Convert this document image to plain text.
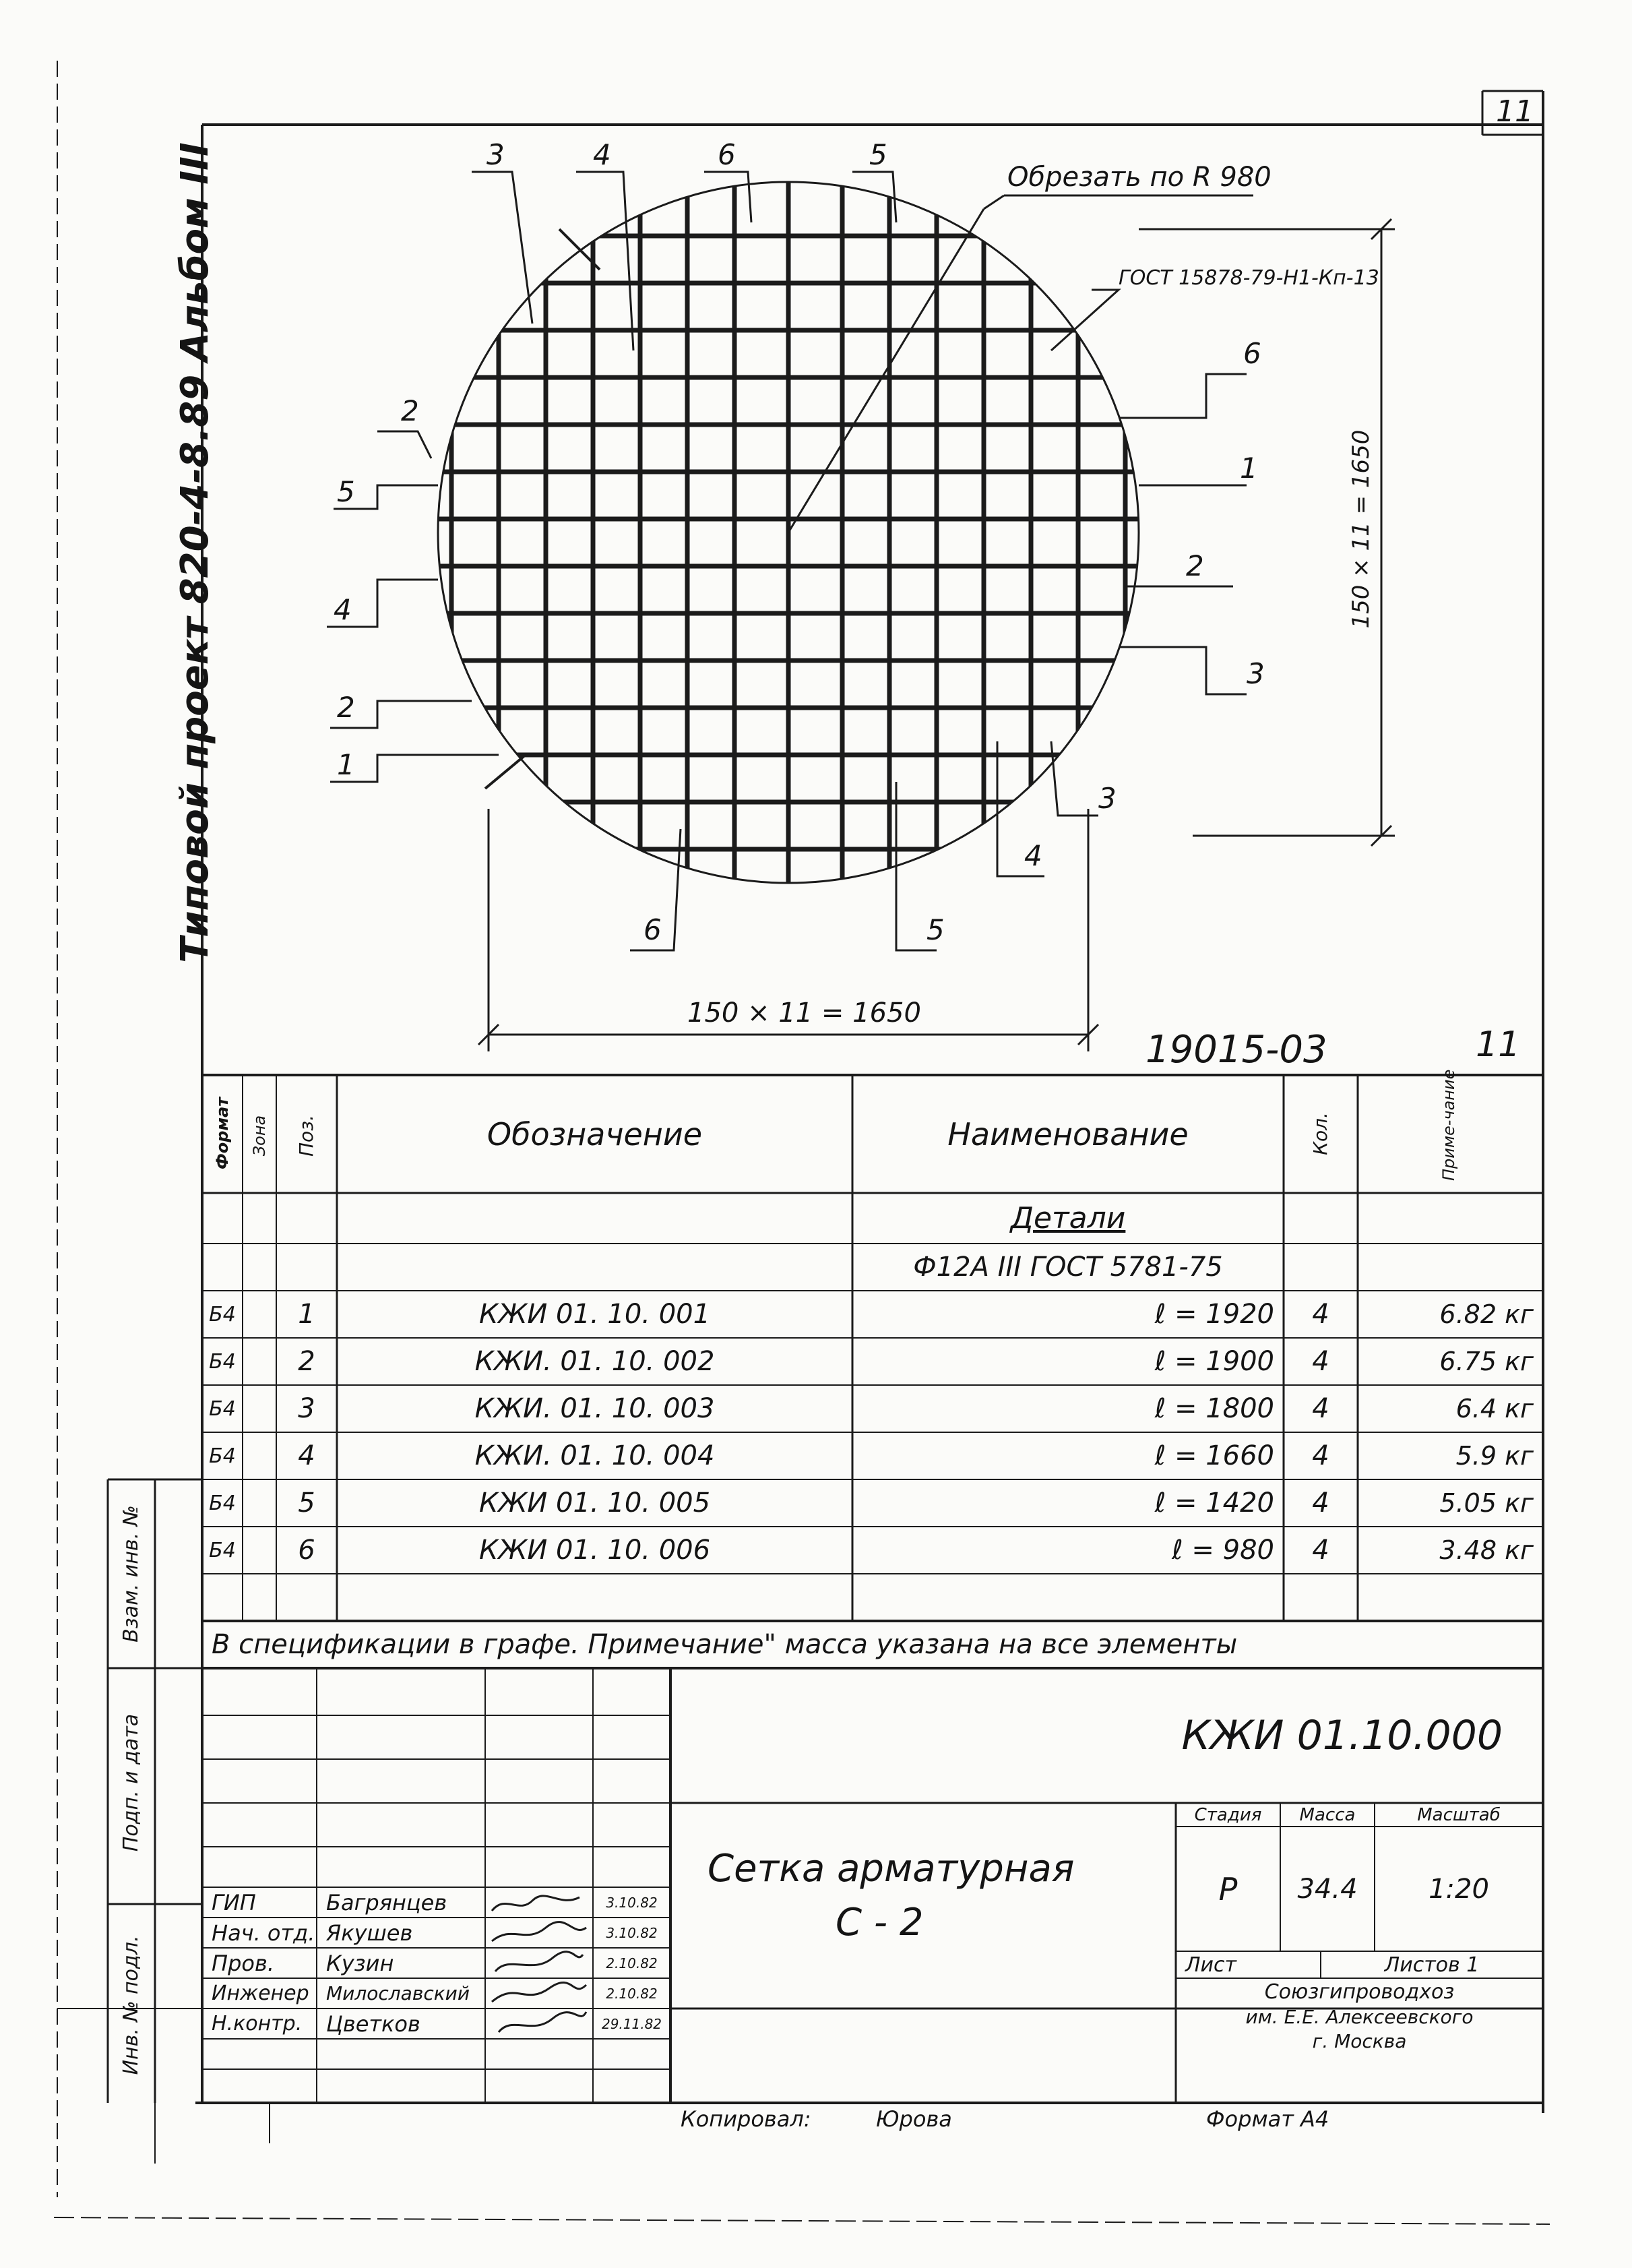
11
Типовой проект 820-4-8.89 Альбом III	Обрезать по R 980
ГОСТ 15878-79-Н1-Кп-13
150 × 11 = 1650
150 × 11 = 1650
19015-03	11
3	4	6	5
2
5
4
2
1
6	5
4
3
3
2
1
6
Формат Зона Поз.	Обозначение	Наименование	Кол.	Приме-чание
Детали
Ф12А III ГОСТ 5781-75
Б4	1	КЖИ 01. 10. 001	ℓ = 1920	4	6.82 кг
Б4	2	КЖИ. 01. 10. 002	ℓ = 1900	4	6.75 кг
Б4	3	КЖИ. 01. 10. 003	ℓ = 1800	4	6.4 кг
Б4	4	КЖИ. 01. 10. 004	ℓ = 1660	4	5.9 кг
Б4	5	КЖИ 01. 10. 005	ℓ = 1420	4	5.05 кг
Б4	6	КЖИ 01. 10. 006	ℓ = 980	4	3.48 кг
В спецификации в графе. Примечание" масса указана на все элементы
КЖИ 01.10.000
Сетка арматурная
С - 2
Стадия	Масса	Масштаб
Р	34.4	1:20
Лист	Листов 1
Союзгипроводхоз
им. Е.Е. Алексеевского
г. Москва
ГИП	Багрянцев	3.10.82
Нач. отд. Якушев	3.10.82
Пров.	Кузин	2.10.82
Инженер Милославский	2.10.82
Н.контр.	Цветков	29.11.82
Взам. инв. №
Подп. и дата
Инв. № подл.
Копировал:	Юрова	Формат А4
